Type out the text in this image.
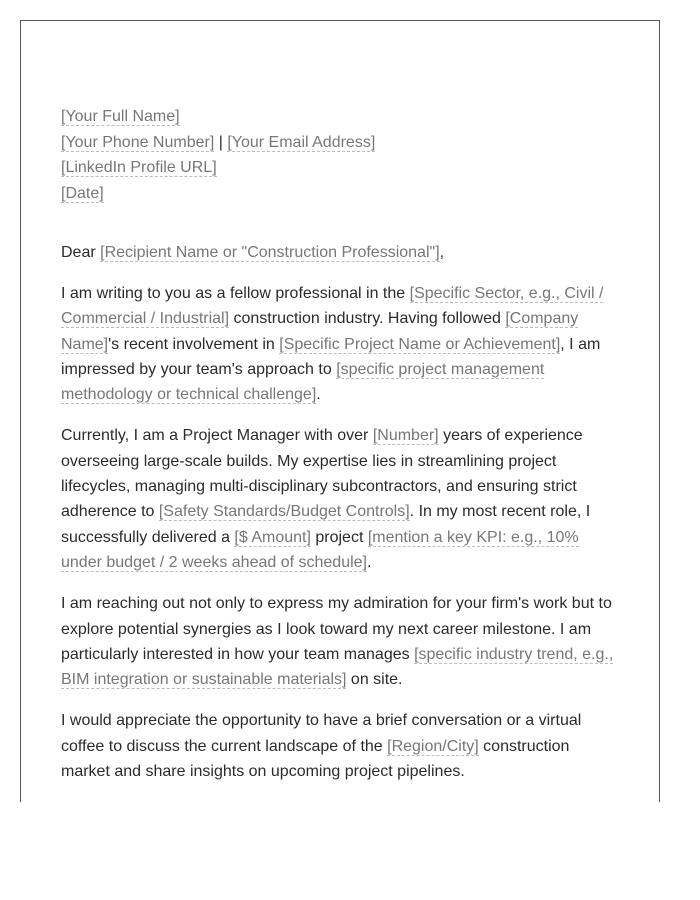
[Your Full Name]
[Your Phone Number] | [Your Email Address]
[LinkedIn Profile URL]
[Date]
Dear [Recipient Name or "Construction Professional"],

I am writing to you as a fellow professional in the [Specific Sector, e.g., Civil / Commercial / Industrial] construction industry. Having followed [Company Name]'s recent involvement in [Specific Project Name or Achievement], I am impressed by your team's approach to [specific project management methodology or technical challenge].

Currently, I am a Project Manager with over [Number] years of experience overseeing large-scale builds. My expertise lies in streamlining project lifecycles, managing multi-disciplinary subcontractors, and ensuring strict adherence to [Safety Standards/Budget Controls]. In my most recent role, I successfully delivered a [$ Amount] project [mention a key KPI: e.g., 10% under budget / 2 weeks ahead of schedule].

I am reaching out not only to express my admiration for your firm's work but to explore potential synergies as I look toward my next career milestone. I am particularly interested in how your team manages [specific industry trend, e.g., BIM integration or sustainable materials] on site.

I would appreciate the opportunity to have a brief conversation or a virtual coffee to discuss the current landscape of the [Region/City] construction market and share insights on upcoming project pipelines.
